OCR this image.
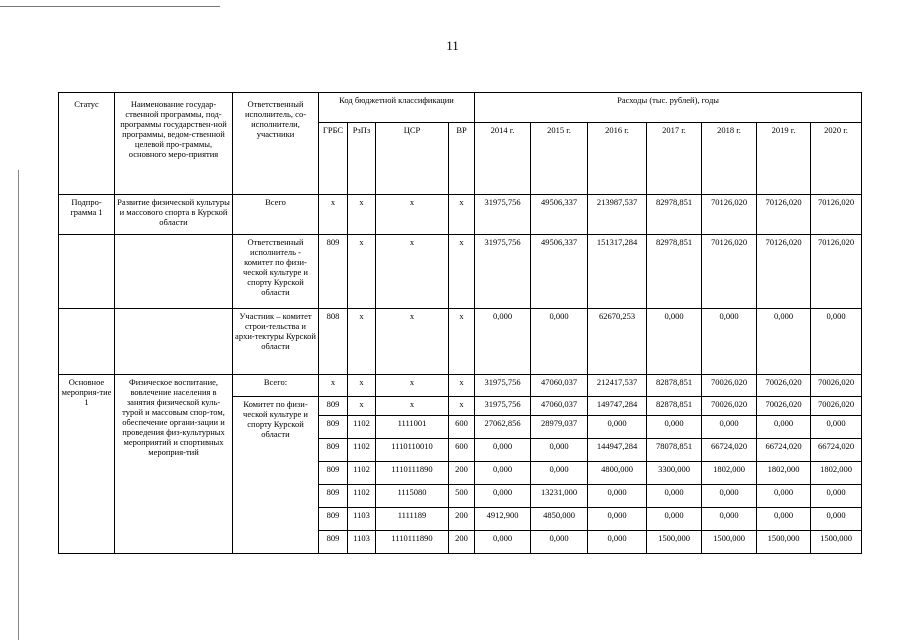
11
Статус	Наименование государ-ственной программы, под-программы государствен-ной программы, ведом-ственной целевой про-граммы, основного меро-приятия	Ответственный исполнитель, со-исполнители, участники	Код бюджетной классификации				Расходы (тыс. рублей), годы						
			ГРБС	РзПз	ЦСР	ВР	2014 г.	2015 г.	2016 г.	2017 г.	2018 г.	2019 г.	2020 г.
Подпро-грамма 1	Развитие физической культуры и массового спорта в Курской области	Всего	х	х	х	х	31975,756	49506,337	213987,537	82978,851	70126,020	70126,020	70126,020
		Ответственный исполнитель - комитет по физи-ческой культуре и спорту Курской области	809	х	х	х	31975,756	49506,337	151317,284	82978,851	70126,020	70126,020	70126,020
		Участник – комитет строи-тельства и архи-тектуры Курской области	808	х	х	х	0,000	0,000	62670,253	0,000	0,000	0,000	0,000
Основное мероприя-тие 1	Физическое воспитание, вовлечение населения в занятия физической куль-турой и массовым спор-том, обеспечение органи-зации и проведения физ-культурных мероприятий и спортивных мероприя-тий	Всего:	х	х	х	х	31975,756	47060,037	212417,537	82878,851	70026,020	70026,020	70026,020
		Комитет по физи-ческой культуре и спорту Курской области	809	х	х	х	31975,756	47060,037	149747,284	82878,851	70026,020	70026,020	70026,020
			809	1102	1111001	600	27062,856	28979,037	0,000	0,000	0,000	0,000	0,000
			809	1102	1110110010	600	0,000	0,000	144947,284	78078,851	66724,020	66724,020	66724,020
			809	1102	1110111890	200	0,000	0,000	4800,000	3300,000	1802,000	1802,000	1802,000
			809	1102	1115080	500	0,000	13231,000	0,000	0,000	0,000	0,000	0,000
			809	1103	1111189	200	4912,900	4850,000	0,000	0,000	0,000	0,000	0,000
			809	1103	1110111890	200	0,000	0,000	0,000	1500,000	1500,000	1500,000	1500,000
